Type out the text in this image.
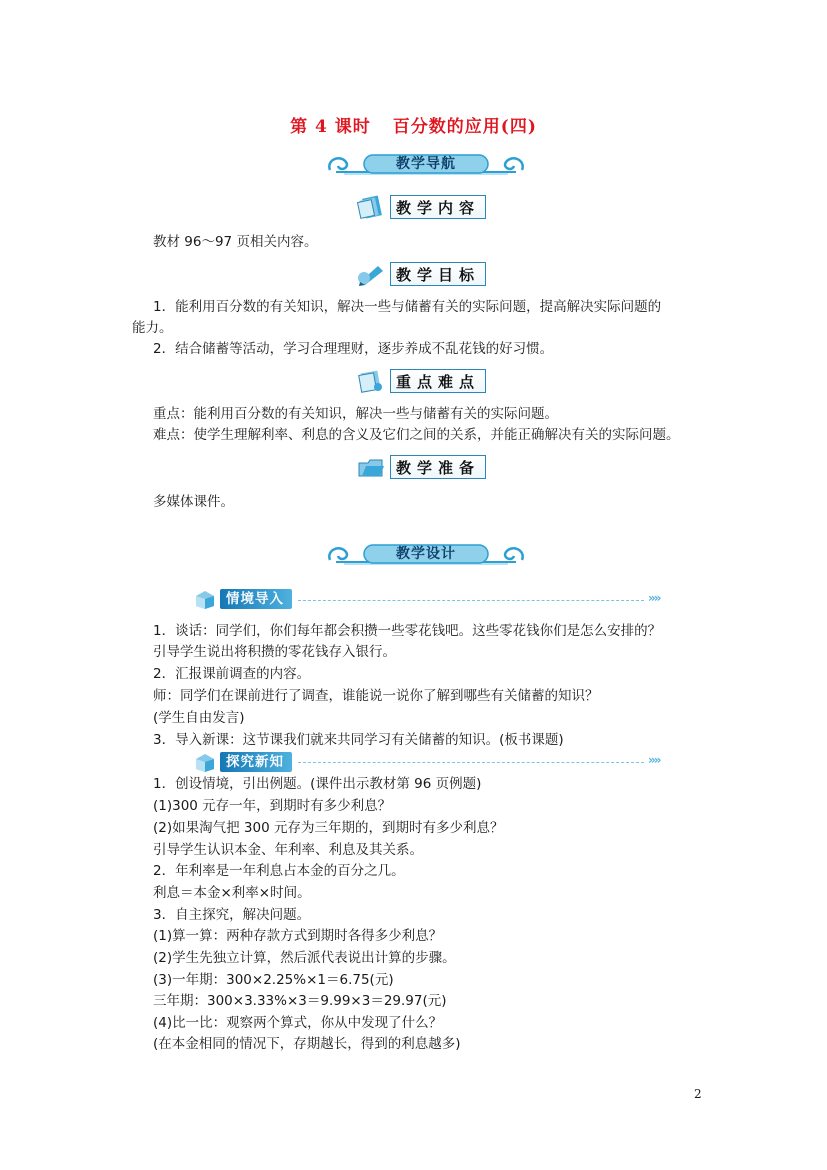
第 4 课时 百分数的应用(四)
教学导航
教学内容
教材 96～97 页相关内容。
教学目标
1．能利用百分数的有关知识，解决一些与储蓄有关的实际问题，提高解决实际问题的
能力。
2．结合储蓄等活动，学习合理理财，逐步养成不乱花钱的好习惯。
重点难点
重点：能利用百分数的有关知识，解决一些与储蓄有关的实际问题。
难点：使学生理解利率、利息的含义及它们之间的关系，并能正确解决有关的实际问题。
教学准备
多媒体课件。
教学设计
情境导入	»»
1．谈话：同学们，你们每年都会积攒一些零花钱吧。这些零花钱你们是怎么安排的？
引导学生说出将积攒的零花钱存入银行。
2．汇报课前调查的内容。
师：同学们在课前进行了调查，谁能说一说你了解到哪些有关储蓄的知识？
(学生自由发言)
3．导入新课：这节课我们就来共同学习有关储蓄的知识。(板书课题)
探究新知	»»
1．创设情境，引出例题。(课件出示教材第 96 页例题)
(1)300 元存一年，到期时有多少利息？
(2)如果淘气把 300 元存为三年期的，到期时有多少利息？
引导学生认识本金、年利率、利息及其关系。
2．年利率是一年利息占本金的百分之几。
利息＝本金×利率×时间。
3．自主探究，解决问题。
(1)算一算：两种存款方式到期时各得多少利息？
(2)学生先独立计算，然后派代表说出计算的步骤。
(3)一年期：300×2.25%×1＝6.75(元)
三年期：300×3.33%×3＝9.99×3＝29.97(元)
(4)比一比：观察两个算式，你从中发现了什么？
(在本金相同的情况下，存期越长，得到的利息越多)
2
